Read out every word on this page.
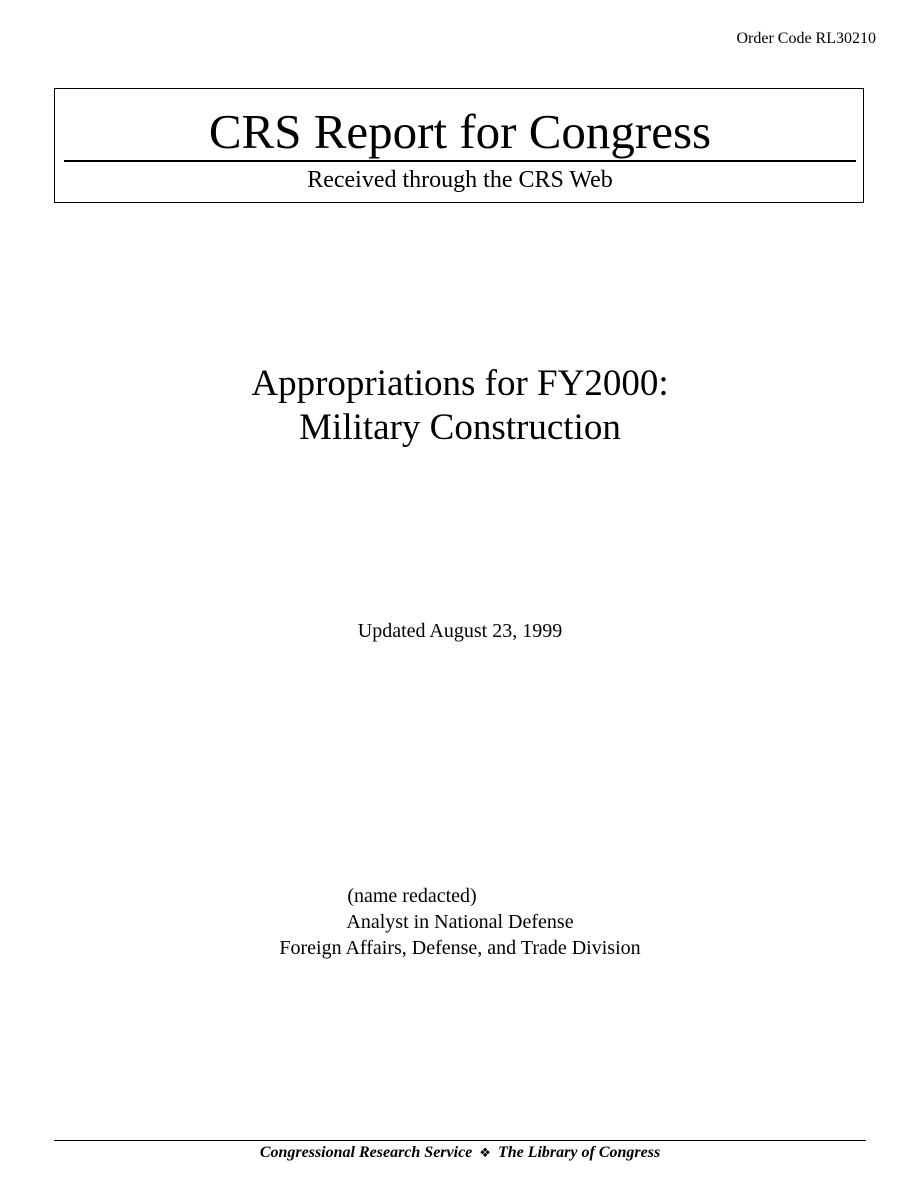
Order Code RL30210
CRS Report for Congress
Received through the CRS Web
Appropriations for FY2000:
Military Construction
Updated August 23, 1999
(name redacted)
Analyst in National Defense
Foreign Affairs, Defense, and Trade Division
Congressional Research Service ❖ The Library of Congress
